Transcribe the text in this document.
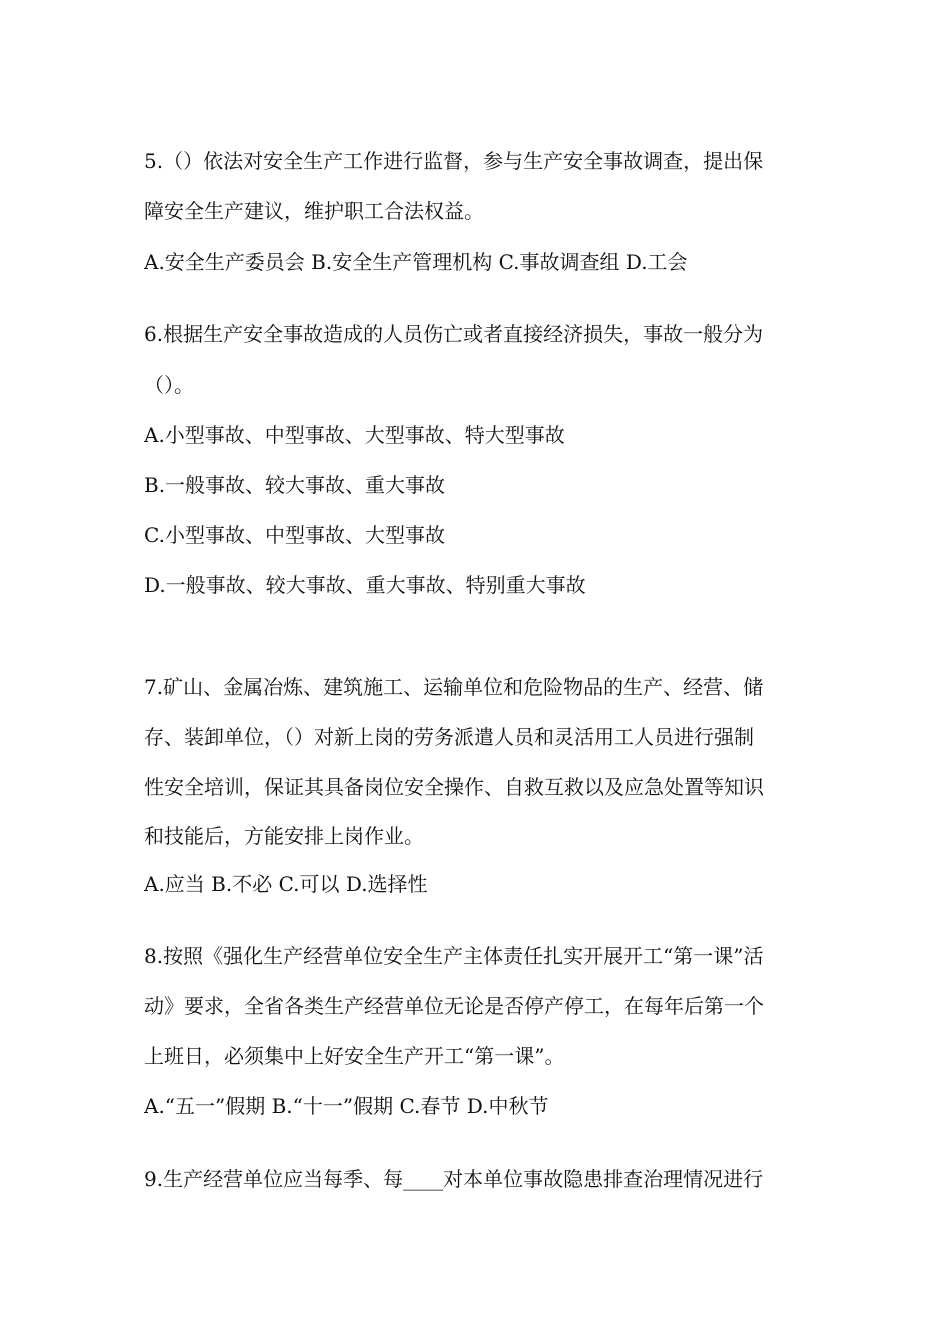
5.（）依法对安全生产工作进行监督，参与生产安全事故调查，提出保
障安全生产建议，维护职工合法权益。
A.安全生产委员会 B.安全生产管理机构 C.事故调查组 D.工会
6.根据生产安全事故造成的人员伤亡或者直接经济损失，事故一般分为
（）。
A.小型事故、中型事故、大型事故、特大型事故
B.一般事故、较大事故、重大事故
C.小型事故、中型事故、大型事故
D.一般事故、较大事故、重大事故、特别重大事故
7.矿山、金属冶炼、建筑施工、运输单位和危险物品的生产、经营、储
存、装卸单位，（）对新上岗的劳务派遣人员和灵活用工人员进行强制
性安全培训，保证其具备岗位安全操作、自救互救以及应急处置等知识
和技能后，方能安排上岗作业。
A.应当 B.不必 C.可以 D.选择性
8.按照《强化生产经营单位安全生产主体责任扎实开展开工“第一课”活
动》要求，全省各类生产经营单位无论是否停产停工，在每年后第一个
上班日，必须集中上好安全生产开工“第一课”。
A.“五一”假期 B.“十一”假期 C.春节 D.中秋节
9.生产经营单位应当每季、每____对本单位事故隐患排查治理情况进行
